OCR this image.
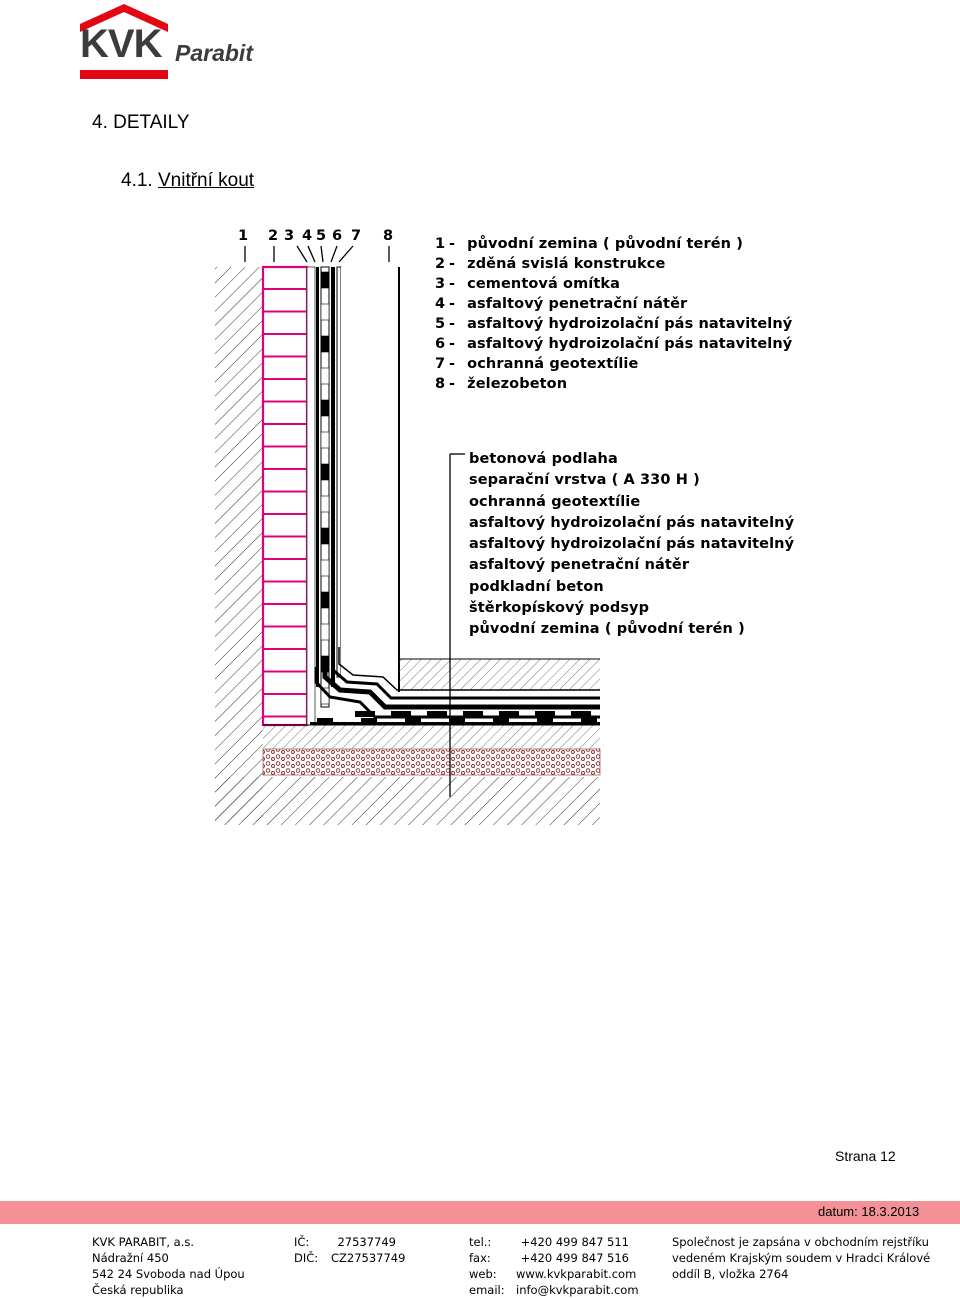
KVK Parabit
4. DETAILY
4.1. Vnitřní kout
1 2 3 4 5 6 7 8	1- původní zemina ( původní terén )
2- zděná svislá konstrukce
3- cementová omítka
4- asfaltový penetrační nátěr
5- asfaltový hydroizolační pás natavitelný
6- asfaltový hydroizolační pás natavitelný
7- ochranná geotextílie
8- železobeton
betonová podlaha
separační vrstva ( A 330 H )
ochranná geotextílie
asfaltový hydroizolační pás natavitelný
asfaltový hydroizolační pás natavitelný
asfaltový penetrační nátěr
podkladní beton
štěrkopískový podsyp
původní zemina ( původní terén )
Strana 12
datum: 18.3.2013
KVK PARABIT, a.s.
Nádražní 450
542 24 Svoboda nad Úpou
Česká republika
IČ:
DIČ:
27537749
CZ27537749
tel.:
fax:
web:
email:
+420 499 847 511
+420 499 847 516
www.kvkparabit.com
info@kvkparabit.com
Společnost je zapsána v obchodním rejstříku
vedeném Krajským soudem v Hradci Králové
oddíl B, vložka 2764
